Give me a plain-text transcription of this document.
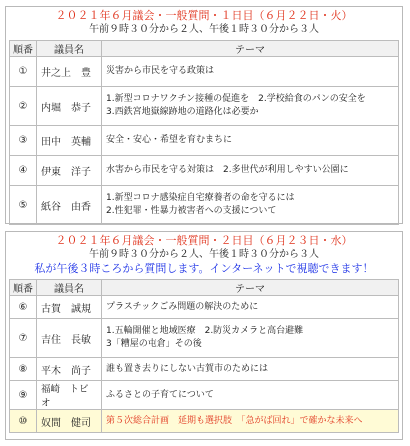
２０２１年６月議会・一般質問・１日目（６月２２日・火）
午前９時３０分から２人、午後１時３０分から３人
順番	議員名	テーマ
①	井之上　豊	災害から市民を守る政策は

②	内堀　恭子	1.新型コロナワクチン接種の促進を　2.学校給食のパンの安全を
3.西鉄宮地嶽線跡地の道路化は必要か

③	田中　英輔	安全・安心・希望を育むまちに

④	伊東　洋子	水害から市民を守る対策は　2.多世代が利用しやすい公園に

⑤	紙谷　由香	1.新型コロナ感染症自宅療養者の命を守るには
2.性犯罪・性暴力被害者への支援について
２０２１年６月議会・一般質問・２日目（６月２３日・水）
午前９時３０分から２人、午後１時３０分から３人
私が午後３時ころから質問します。インターネットで視聴できます！
順番	議員名	テーマ
⑥	古賀　誠規	プラスチックごみ問題の解決のために

⑦	吉住　長敏	1.五輪開催と地域医療　2.防災カメラと高台避難
3「糟屋の屯倉」その後

⑧	平木　尚子	誰も置き去りにしない古賀市のためには

⑨	福崎　トビオ	ふるさとの子育てについて

⑩	奴間　健司	第５次総合計画　延期も選択肢　「急がば回れ」で確かな未来へ
